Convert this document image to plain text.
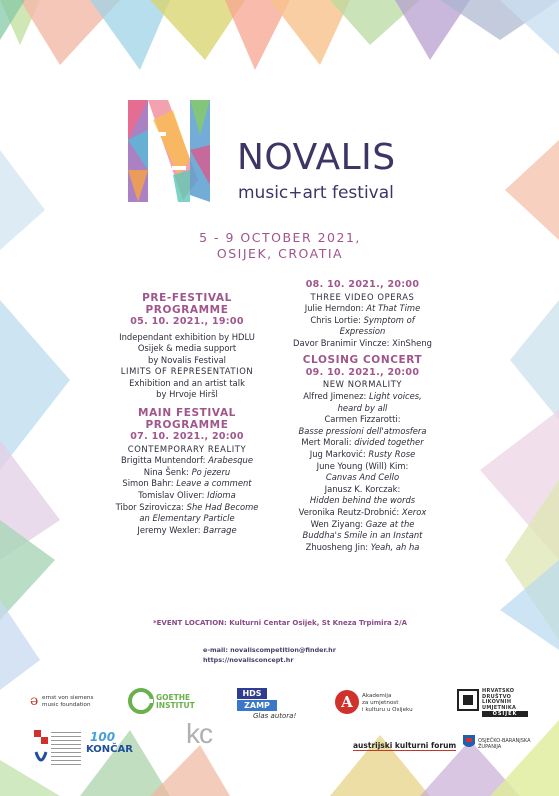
NOVALIS
music+art festival
5 - 9 OCTOBER 2021,
OSIJEK, CROATIA
PRE-FESTIVAL
PROGRAMME
05. 10. 2021., 19:00
Independant exhibition by HDLU
Osijek & media support
by Novalis Festival
LIMITS OF REPRESENTATION
Exhibition and an artist talk
by Hrvoje Hiršl
MAIN FESTIVAL
PROGRAMME
07. 10. 2021., 20:00
CONTEMPORARY REALITY
Brigitta Muntendorf: Arabesque
Nina Šenk: Po jezeru
Simon Bahr: Leave a comment
Tomislav Oliver: Idioma
Tibor Szirovicza: She Had Become
an Elementary Particle
Jeremy Wexler: Barrage
08. 10. 2021., 20:00
THREE VIDEO OPERAS
Julie Herndon: At That Time
Chris Lortie: Symptom of
Expression
Davor Branimir Vincze: XinSheng
CLOSING CONCERT
09. 10. 2021., 20:00
NEW NORMALITY
Alfred Jimenez: Light voices,
heard by all
Carmen Fizzarotti:
Basse pressioni dell'atmosfera
Mert Morali: divided together
Jug Marković: Rusty Rose
June Young (Will) Kim:
Canvas And Cello
Janusz K. Korczak:
Hidden behind the words
Veronika Reutz-Drobnić: Xerox
Wen Ziyang: Gaze at the
Buddha's Smile in an Instant
Zhuosheng Jin: Yeah, ah ha
*EVENT LOCATION: Kulturni Centar Osijek, St Kneza Trpimira 2/A
e-mail: novaliscompetition@finder.hr
https://novalisconcept.hr
ə ernst von siemens
music foundation
GOETHE
INSTITUT
HDS
ZAMP
Glas autora!
A	Akademija
za umjetnost
i kulturu u Osijeku
HRVATSKO
DRUŠTVO
LIKOVNIH
UMJETNIKA
OSIJEK
100
KONČAR
kc	austrijski kulturni forum	OSJEČKO-BARANJSKA
ŽUPANIJA
